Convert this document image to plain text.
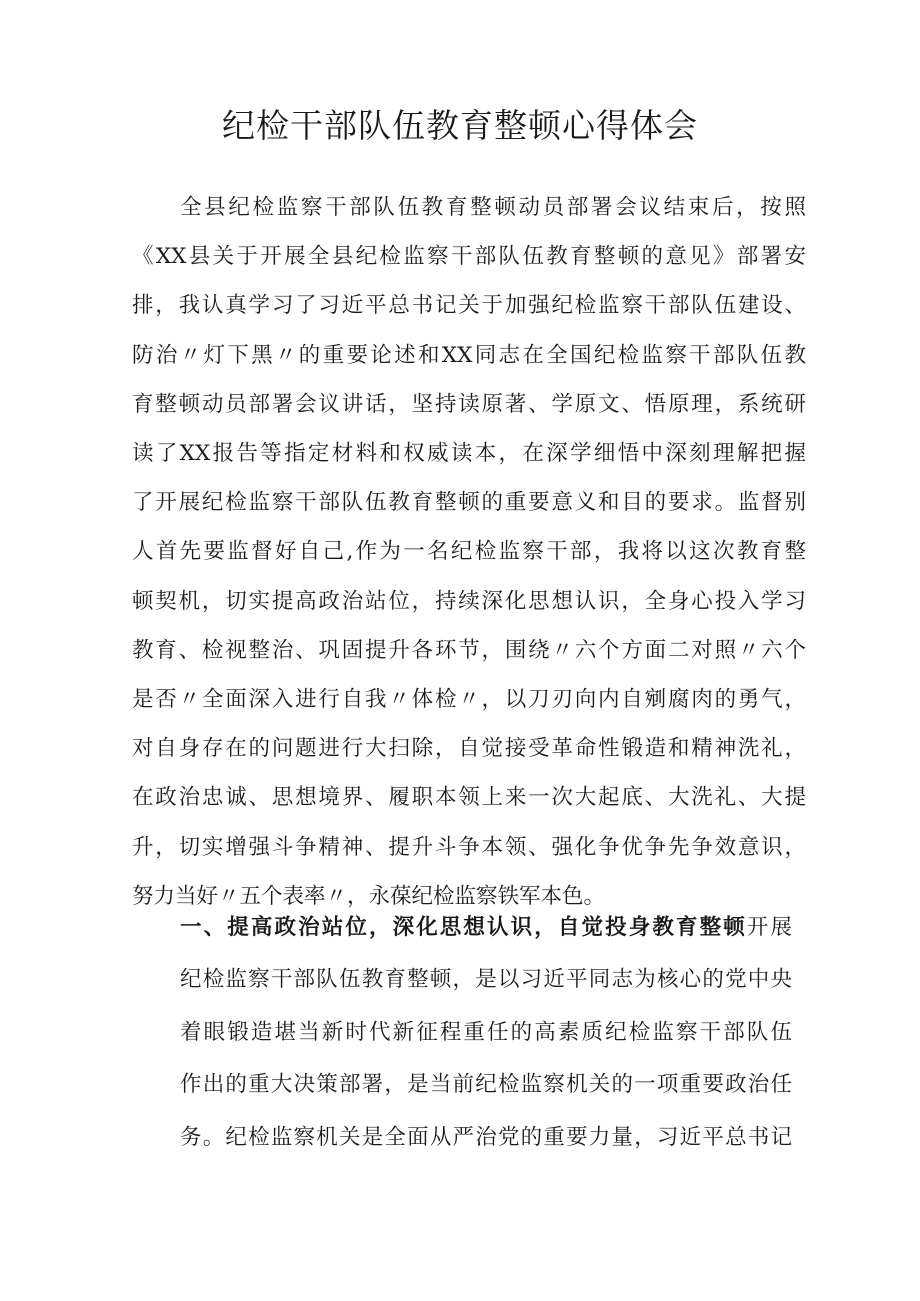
纪检干部队伍教育整顿心得体会
全县纪检监察干部队伍教育整顿动员部署会议结束后，按照
《XX县关于开展全县纪检监察干部队伍教育整顿的意见》部署安
排，我认真学习了习近平总书记关于加强纪检监察干部队伍建设、
防治〃灯下黑〃的重要论述和XX同志在全国纪检监察干部队伍教
育整顿动员部署会议讲话，坚持读原著、学原文、悟原理，系统研
读了XX报告等指定材料和权威读本，在深学细悟中深刻理解把握
了开展纪检监察干部队伍教育整顿的重要意义和目的要求。监督别
人首先要监督好自己,作为一名纪检监察干部，我将以这次教育整
顿契机，切实提高政治站位，持续深化思想认识，全身心投入学习
教育、检视整治、巩固提升各环节，围绕〃六个方面二对照〃六个
是否〃全面深入进行自我〃体检〃，以刀刃向内自剜腐肉的勇气，
对自身存在的问题进行大扫除，自觉接受革命性锻造和精神洗礼，
在政治忠诚、思想境界、履职本领上来一次大起底、大洗礼、大提
升，切实增强斗争精神、提升斗争本领、强化争优争先争效意识，
努力当好〃五个表率〃，永葆纪检监察铁军本色。
一、提高政治站位，深化思想认识，自觉投身教育整顿开展
纪检监察干部队伍教育整顿，是以习近平同志为核心的党中央
着眼锻造堪当新时代新征程重任的高素质纪检监察干部队伍
作出的重大决策部署，是当前纪检监察机关的一项重要政治任
务。纪检监察机关是全面从严治党的重要力量，习近平总书记
